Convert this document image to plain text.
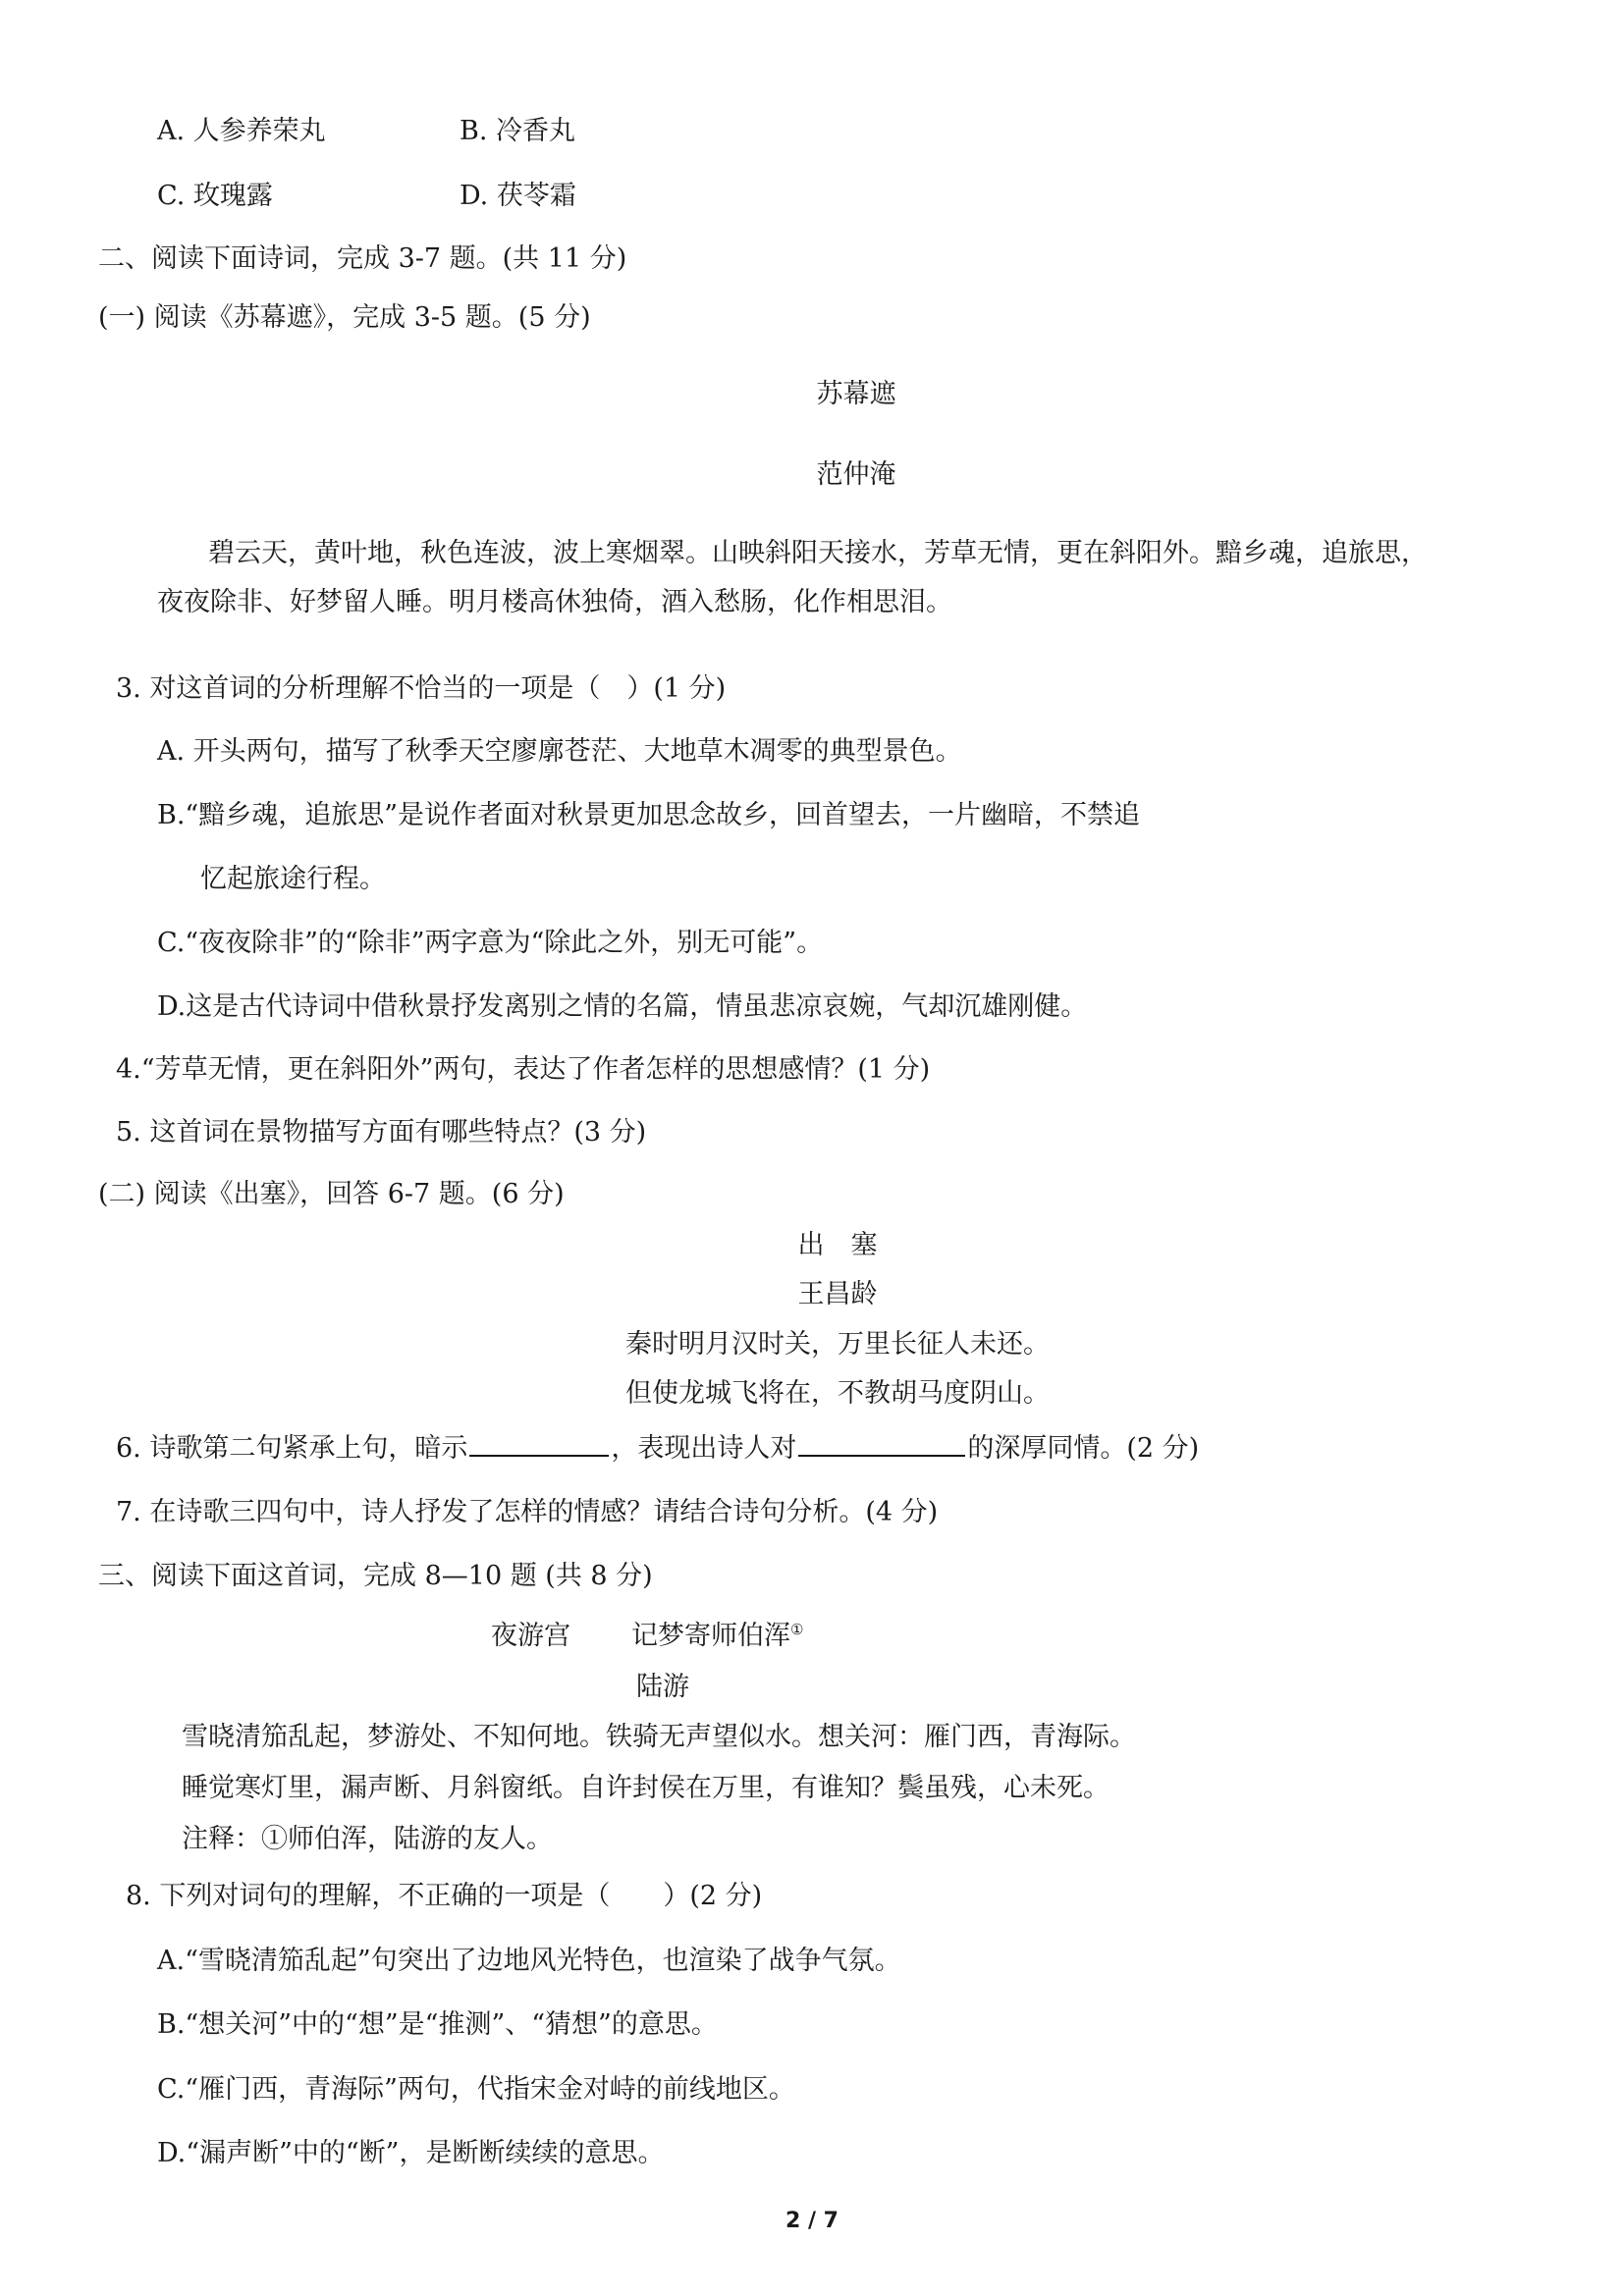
A. 人参养荣丸	B. 冷香丸
C. 玫瑰露	D. 茯苓霜
二、阅读下面诗词，完成 3-7 题。(共 11 分)
(一) 阅读《苏幕遮》，完成 3-5 题。(5 分)
苏幕遮
范仲淹
碧云天，黄叶地，秋色连波，波上寒烟翠。山映斜阳天接水，芳草无情，更在斜阳外。黯乡魂，追旅思，
夜夜除非、好梦留人睡。明月楼高休独倚，酒入愁肠，化作相思泪。
3. 对这首词的分析理解不恰当的一项是（　）(1 分)
A. 开头两句，描写了秋季天空廖廓苍茫、大地草木凋零的典型景色。
B.“黯乡魂，追旅思”是说作者面对秋景更加思念故乡，回首望去，一片幽暗，不禁追
忆起旅途行程。
C.“夜夜除非”的“除非”两字意为“除此之外，别无可能”。
D.这是古代诗词中借秋景抒发离别之情的名篇，情虽悲凉哀婉，气却沉雄刚健。
4.“芳草无情，更在斜阳外”两句，表达了作者怎样的思想感情？(1 分)
5. 这首词在景物描写方面有哪些特点？(3 分)
(二) 阅读《出塞》，回答 6-7 题。(6 分)
出　塞
王昌龄
秦时明月汉时关，万里长征人未还。
但使龙城飞将在，不教胡马度阴山。
6. 诗歌第二句紧承上句，暗示	，表现出诗人对	的深厚同情。(2 分)
7. 在诗歌三四句中，诗人抒发了怎样的情感？请结合诗句分析。(4 分)
三、阅读下面这首词，完成 8—10 题 (共 8 分)
夜游宫 记梦寄师伯浑①
陆游
雪晓清笳乱起，梦游处、不知何地。铁骑无声望似水。想关河：雁门西，青海际。
睡觉寒灯里，漏声断、月斜窗纸。自许封侯在万里，有谁知？鬓虽残，心未死。
注释：①师伯浑，陆游的友人。
8. 下列对词句的理解，不正确的一项是（　　）(2 分)
A.“雪晓清笳乱起”句突出了边地风光特色，也渲染了战争气氛。
B.“想关河”中的“想”是“推测”、“猜想”的意思。
C.“雁门西，青海际”两句，代指宋金对峙的前线地区。
D.“漏声断”中的“断”，是断断续续的意思。
2 / 7
